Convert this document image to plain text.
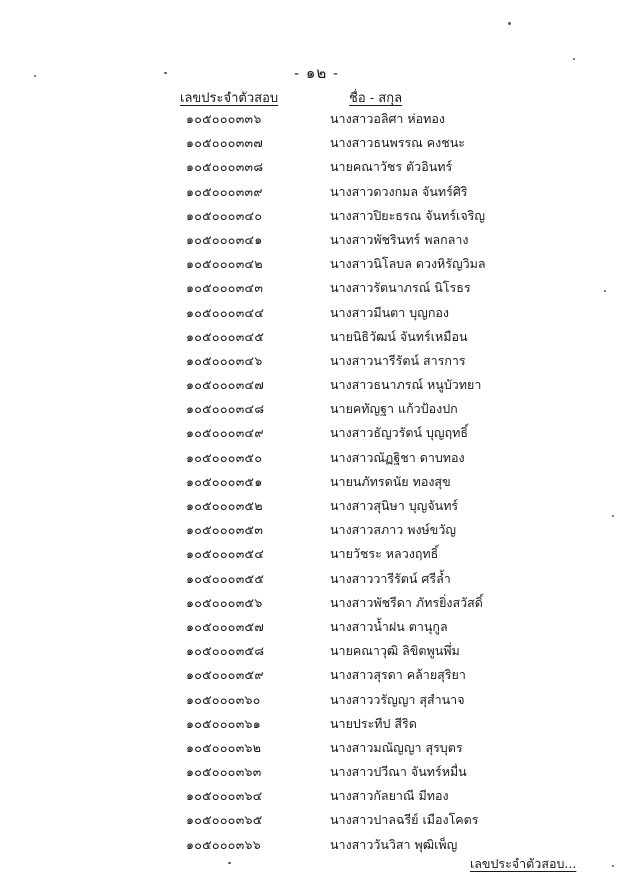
- ๑๒ -
เลขประจำตัวสอบ	ชื่อ - สกุล
๑๐๕๐๐๐๓๓๖	นางสาวอลิศา ห่อทอง
๑๐๕๐๐๐๓๓๗	นางสาวธนพรรณ คงชนะ
๑๐๕๐๐๐๓๓๘	นายคณาวัชร ตัวอินทร์
๑๐๕๐๐๐๓๓๙	นางสาวดวงกมล จันทร์ศิริ
๑๐๕๐๐๐๓๔๐	นางสาวปิยะธรณ จันทร์เจริญ
๑๐๕๐๐๐๓๔๑	นางสาวพัชรินทร์ พลกลาง
๑๐๕๐๐๐๓๔๒	นางสาวนิโลบล ดวงหิรัญวิมล
๑๐๕๐๐๐๓๔๓	นางสาวรัตนาภรณ์ นิโรธร
๑๐๕๐๐๐๓๔๔	นางสาวมีนตา บุญกอง
๑๐๕๐๐๐๓๔๕	นายนิธิวัฒน์ จันทร์เหมือน
๑๐๕๐๐๐๓๔๖	นางสาวนารีรัตน์ สารการ
๑๐๕๐๐๐๓๔๗	นางสาวธนาภรณ์ หนูบัวทยา
๑๐๕๐๐๐๓๔๘	นายคทัญฐา แก้วป้องปก
๑๐๕๐๐๐๓๔๙	นางสาวธัญวรัตน์ บุญฤทธิ์
๑๐๕๐๐๐๓๕๐	นางสาวณัฏฐิชา ดาบทอง
๑๐๕๐๐๐๓๕๑	นายนภัทรดนัย ทองสุข
๑๐๕๐๐๐๓๕๒	นางสาวสุนิษา บุญจันทร์
๑๐๕๐๐๐๓๕๓	นางสาวสภาว พงษ์ขวัญ
๑๐๕๐๐๐๓๕๔	นายวัชระ หลวงฤทธิ์
๑๐๕๐๐๐๓๕๕	นางสาววารีรัตน์ ศรีล้ำ
๑๐๕๐๐๐๓๕๖	นางสาวพัชรีดา ภัทรยิ่งสวัสดิ์
๑๐๕๐๐๐๓๕๗	นางสาวน้ำฝน ตานุกูล
๑๐๕๐๐๐๓๕๘	นายคณาวุฒิ ลิขิตพูนพึ่ม
๑๐๕๐๐๐๓๕๙	นางสาวสุรดา คล้ายสุริยา
๑๐๕๐๐๐๓๖๐	นางสาววรัญญา สุสำนาจ
๑๐๕๐๐๐๓๖๑	นายประทีป สีริด
๑๐๕๐๐๐๓๖๒	นางสาวมณัญญา สุรบุตร
๑๐๕๐๐๐๓๖๓	นางสาวปวีณา จันทร์หมื่น
๑๐๕๐๐๐๓๖๔	นางสาวกัลยาณี มีทอง
๑๐๕๐๐๐๓๖๕	นางสาวปาลฉรีย์ เมืองโคตร
๑๐๕๐๐๐๓๖๖	นางสาววันวิสา พุฒิเพ็ญ
เลขประจำตัวสอบ...
